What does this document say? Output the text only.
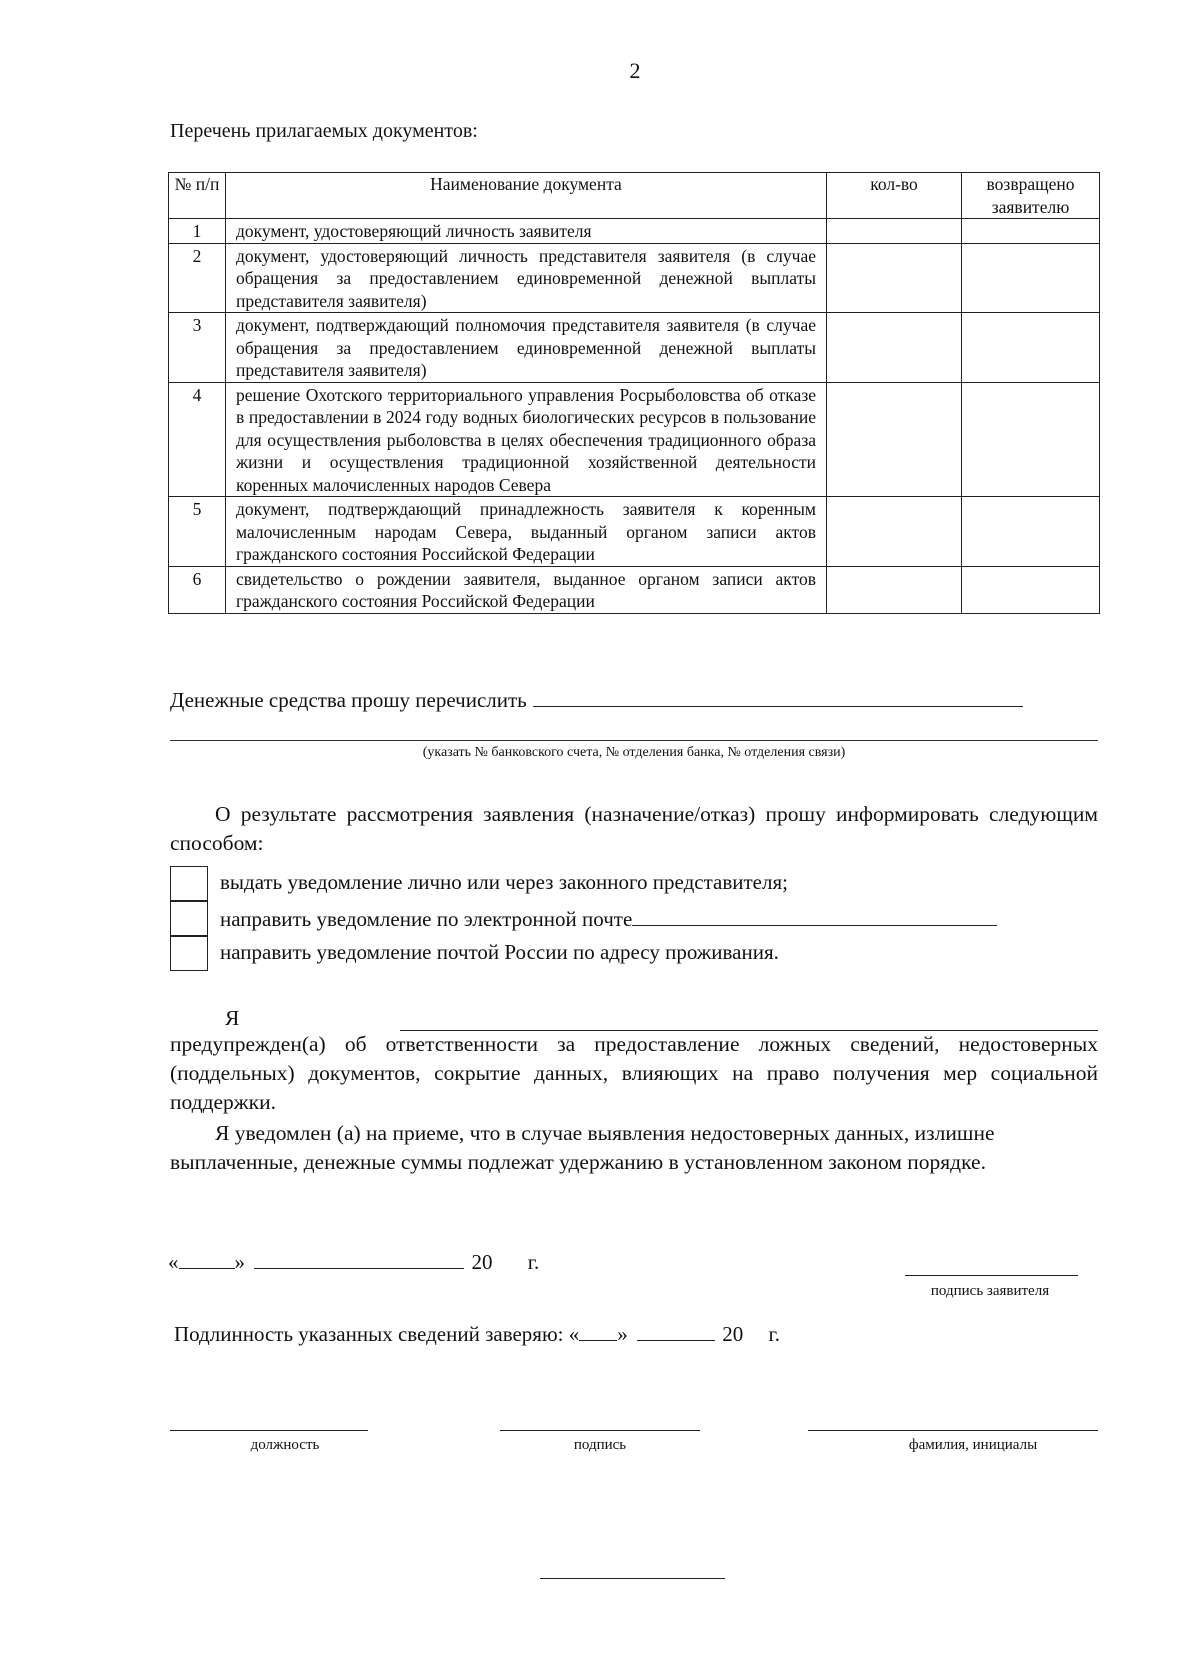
2
Перечень прилагаемых документов:
№ п/п	Наименование документа	кол-во	возвращено заявителю
1	документ, удостоверяющий личность заявителя		
2	документ, удостоверяющий личность представителя заявителя (в случае обращения за предоставлением единовременной денежной выплаты представителя заявителя)		
3	документ, подтверждающий полномочия представителя заявителя (в случае обращения за предоставлением единовременной денежной выплаты представителя заявителя)		
4	решение Охотского территориального управления Росрыболовства об отказе в предоставлении в 2024 году водных биологических ресурсов в пользование для осуществления рыболовства в целях обеспечения традиционного образа жизни и осуществления традиционной хозяйственной деятельности коренных малочисленных народов Севера		
5	документ, подтверждающий принадлежность заявителя к коренным малочисленным народам Севера, выданный органом записи актов гражданского состояния Российской Федерации		
6	свидетельство о рождении заявителя, выданное органом записи актов гражданского состояния Российской Федерации		
Денежные средства прошу перечислить
(указать № банковского счета, № отделения банка, № отделения связи)
О результате рассмотрения заявления (назначение/отказ) прошу информировать следующим способом:
выдать уведомление лично или через законного представителя;
направить уведомление по электронной почте
направить уведомление почтой России по адресу проживания.
Я
предупрежден(а) об ответственности за предоставление ложных сведений, недостоверных (поддельных) документов, сокрытие данных, влияющих на право получения мер социальной поддержки.
Я уведомлен (а) на приеме, что в случае выявления недостоверных данных, излишне выплаченные, денежные суммы подлежат удержанию в установленном законом порядке.
«	»	20 г.
подпись заявителя
Подлинность указанных сведений заверяю: « »	20 г.
должность	подпись	фамилия, инициалы
